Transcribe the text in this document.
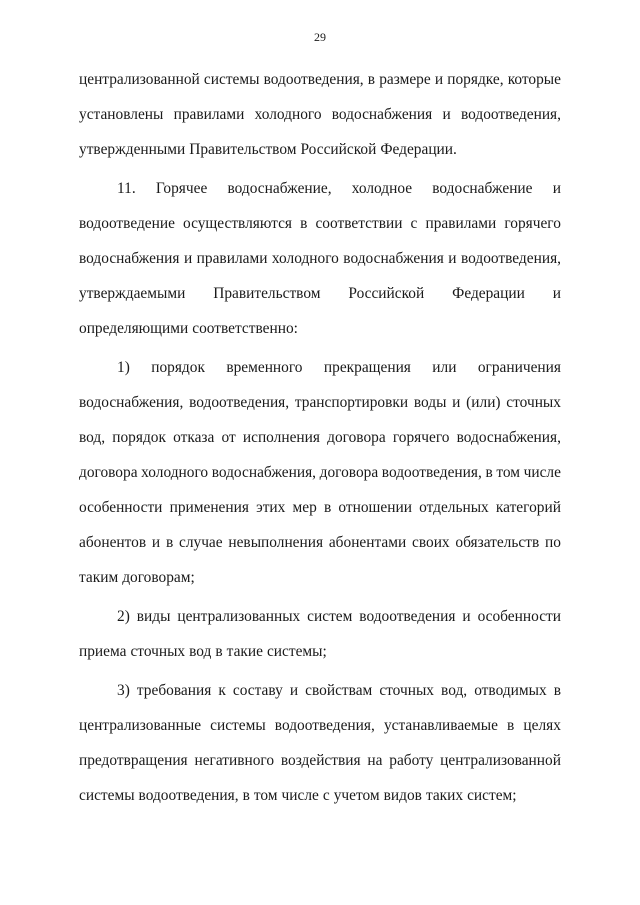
29
централизованной системы водоотведения, в размере и порядке, которые
установлены правилами холодного водоснабжения и водоотведения,
утвержденными Правительством Российской Федерации.
11. Горячее водоснабжение, холодное водоснабжение и
водоотведение осуществляются в соответствии с правилами горячего
водоснабжения и правилами холодного водоснабжения и водоотведения,
утверждаемыми Правительством Российской Федерации и
определяющими соответственно:
1) порядок временного прекращения или ограничения
водоснабжения, водоотведения, транспортировки воды и (или) сточных
вод, порядок отказа от исполнения договора горячего водоснабжения,
договора холодного водоснабжения, договора водоотведения, в том числе
особенности применения этих мер в отношении отдельных категорий
абонентов и в случае невыполнения абонентами своих обязательств по
таким договорам;
2) виды централизованных систем водоотведения и особенности
приема сточных вод в такие системы;
3) требования к составу и свойствам сточных вод, отводимых в
централизованные системы водоотведения, устанавливаемые в целях
предотвращения негативного воздействия на работу централизованной
системы водоотведения, в том числе с учетом видов таких систем;
